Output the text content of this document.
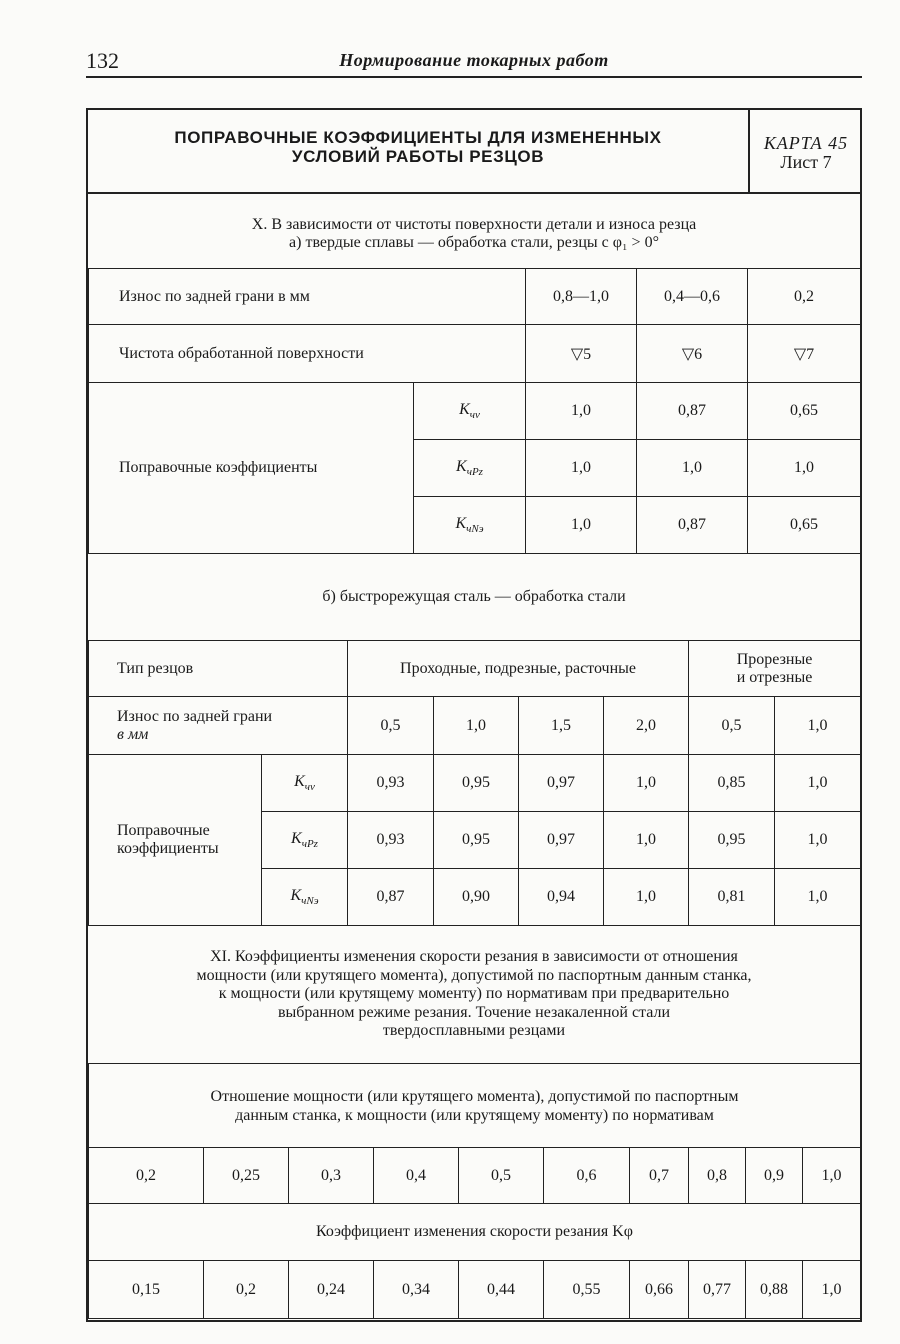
132	Нормирование токарных работ
ПОПРАВОЧНЫЕ КОЭФФИЦИЕНТЫ ДЛЯ ИЗМЕНЕННЫХ
УСЛОВИЙ РАБОТЫ РЕЗЦОВ
КАРТА 45
Лист 7
X. В зависимости от чистоты поверхности детали и износа резца
а) твердые сплавы — обработка стали, резцы с φ₁ > 0°
Износ по задней грани в мм		0,8—1,0	0,4—0,6	0,2
Чистота обработанной поверхности		▽5	▽6	▽7
Поправочные коэффициенты	$K_{чv}$	1,0	0,87	0,65
	$K_{чPz}$	1,0	1,0	1,0
	$K_{чNэ}$	1,0	0,87	0,65
б) быстрорежущая сталь — обработка стали
Тип резцов		Проходные, подрезные, расточные				Прорезные
и отрезные	

Износ по задней грани
в мм		0,5	1,0	1,5	2,0	0,5	1,0

Поправочные
коэффициенты	$K_{чv}$	0,93	0,95	0,97	1,0	0,85	1,0
	$K_{чPz}$	0,93	0,95	0,97	1,0	0,95	1,0
	$K_{чNэ}$	0,87	0,90	0,94	1,0	0,81	1,0
XI. Коэффициенты изменения скорости резания в зависимости от отношения
мощности (или крутящего момента), допустимой по паспортным данным станка,
к мощности (или крутящему моменту) по нормативам при предварительно
выбранном режиме резания. Точение незакаленной стали
твердосплавными резцами
Отношение мощности (или крутящего момента), допустимой по паспортным
данным станка, к мощности (или крутящему моменту) по нормативам									

0,2	0,25	0,3	0,4	0,5	0,6	0,7	0,8	0,9	1,0
Коэффициент изменения скорости резания Kφ									
0,15	0,2	0,24	0,34	0,44	0,55	0,66	0,77	0,88	1,0
